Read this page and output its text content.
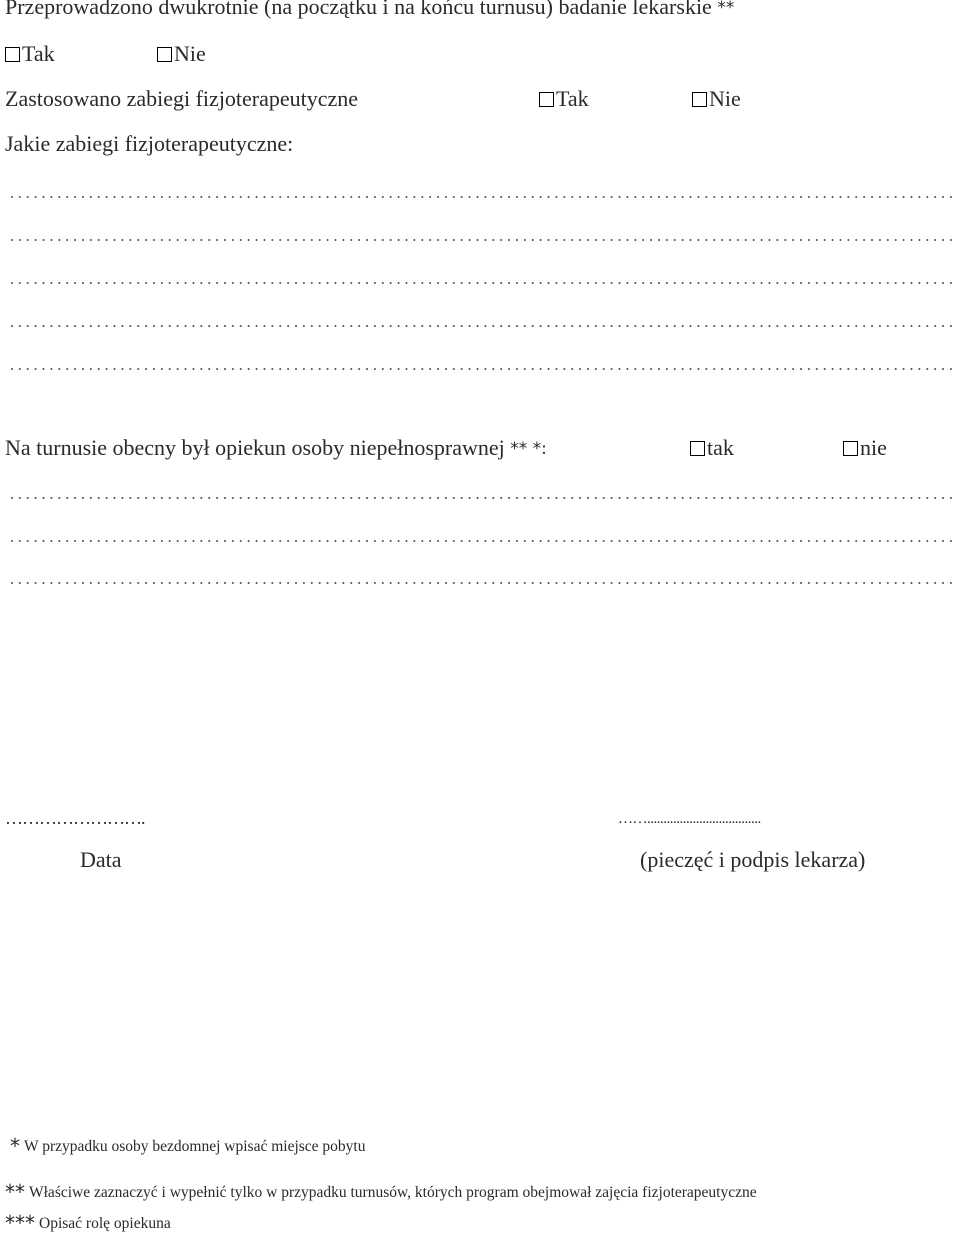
Przeprowadzono dwukrotnie (na początku i na końcu turnusu) badanie lekarskie **
Tak	Nie
Zastosowano zabiegi fizjoterapeutyczne	Tak	Nie
Jakie zabiegi fizjoterapeutyczne:
Na turnusie obecny był opiekun osoby niepełnosprawnej ** *:	tak	nie
…………………….
Data
……...................................
(pieczęć i podpis lekarza)
* W przypadku osoby bezdomnej wpisać miejsce pobytu
** Właściwe zaznaczyć i wypełnić tylko w przypadku turnusów, których program obejmował zajęcia fizjoterapeutyczne
*** Opisać rolę opiekuna
